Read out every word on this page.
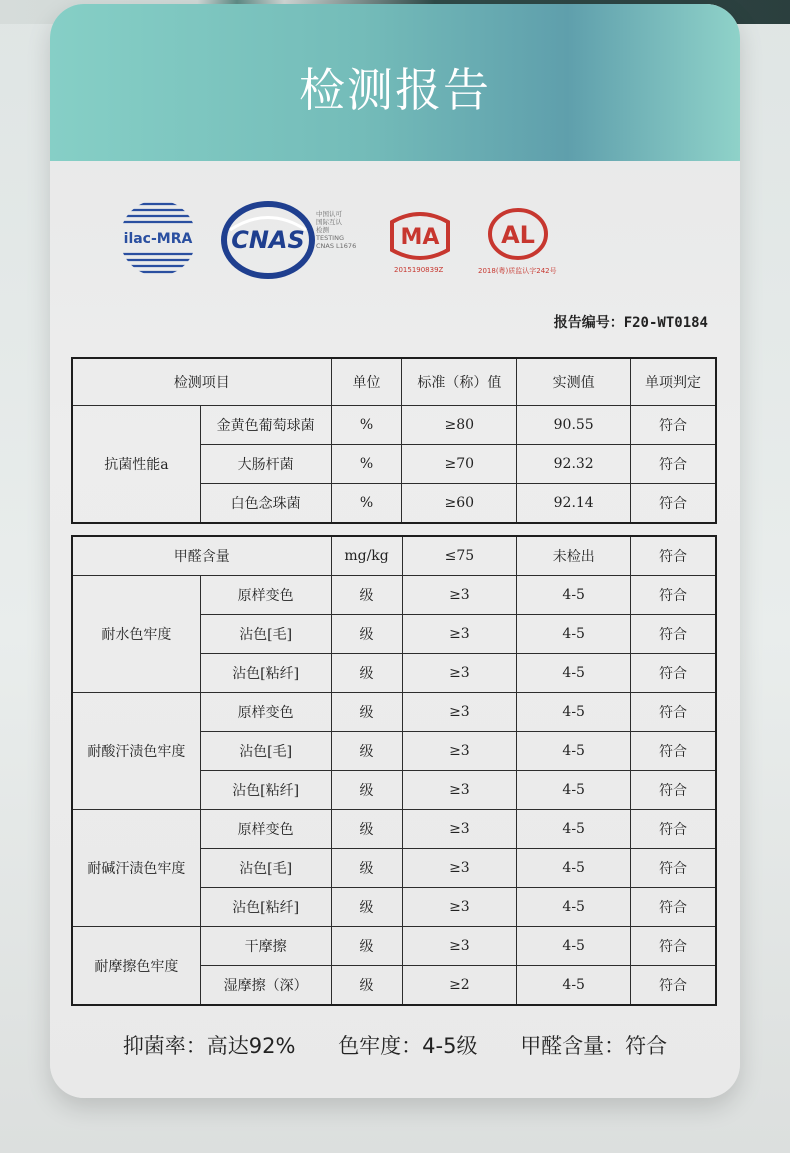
检测报告
ilac-MRA CNAS
中国认可
国际互认
检测
TESTING
CNAS L1676 MA
2015190839Z
AL
2018(粤)质监认字242号
报告编号：F20-WT0184
检测项目		单位	标准（称）值	实测值	单项判定
抗菌性能a	金黄色葡萄球菌	%	≥80	90.55	符合
	大肠杆菌	%	≥70	92.32	符合
	白色念珠菌	%	≥60	92.14	符合
甲醛含量		mg/kg	≤75	未检出	符合
耐水色牢度	原样变色	级	≥3	4-5	符合
	沾色[毛]	级	≥3	4-5	符合
	沾色[粘纤]	级	≥3	4-5	符合
耐酸汗渍色牢度	原样变色	级	≥3	4-5	符合
	沾色[毛]	级	≥3	4-5	符合
	沾色[粘纤]	级	≥3	4-5	符合
耐碱汗渍色牢度	原样变色	级	≥3	4-5	符合
	沾色[毛]	级	≥3	4-5	符合
	沾色[粘纤]	级	≥3	4-5	符合
耐摩擦色牢度	干摩擦	级	≥3	4-5	符合
	湿摩擦（深）	级	≥2	4-5	符合
抑菌率：高达92% 色牢度：4-5级 甲醛含量：符合
